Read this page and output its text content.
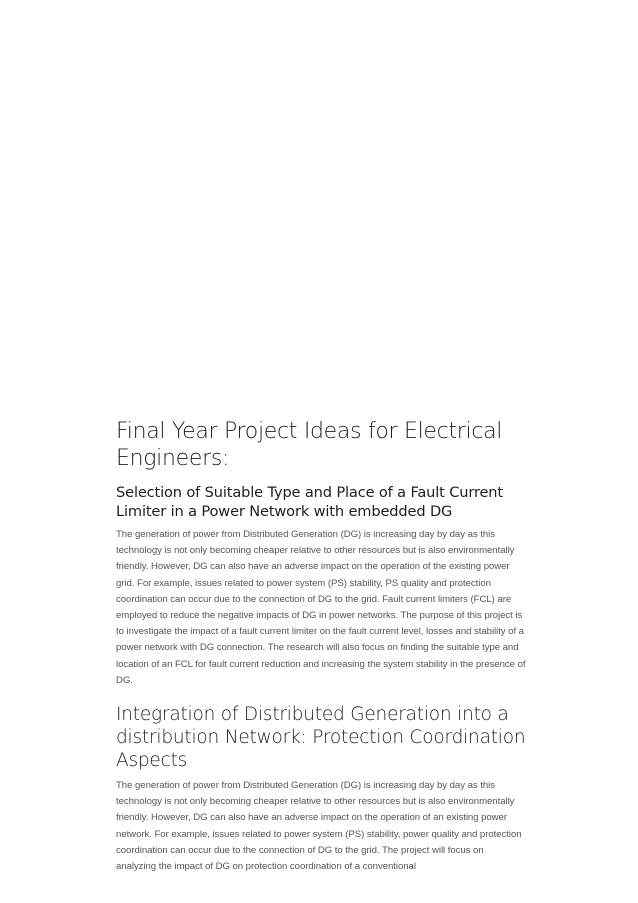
Final Year Project Ideas for Electrical Engineers:
Selection of Suitable Type and Place of a Fault Current Limiter in a Power Network with embedded DG

The generation of power from Distributed Generation (DG) is increasing day by day as this technology is not only becoming cheaper relative to other resources but is also environmentally friendly. However, DG can also have an adverse impact on the operation of the existing power grid. For example, issues related to power system (PS) stability, PS quality and protection coordination can occur due to the connection of DG to the grid. Fault current limiters (FCL) are employed to reduce the negative impacts of DG in power networks. The purpose of this project is to investigate the impact of a fault current limiter on the fault current level, losses and stability of a power network with DG connection. The research will also focus on finding the suitable type and location of an FCL for fault current reduction and increasing the system stability in the presence of DG.

Integration of Distributed Generation into a distribution Network: Protection Coordination Aspects

The generation of power from Distributed Generation (DG) is increasing day by day as this technology is not only becoming cheaper relative to other resources but is also environmentally friendly. However, DG can also have an adverse impact on the operation of an existing power network. For example, issues related to power system (PS) stability, power quality and protection coordination can occur due to the connection of DG to the grid. The project will focus on analyzing the impact of DG on protection coordination of a conventional
